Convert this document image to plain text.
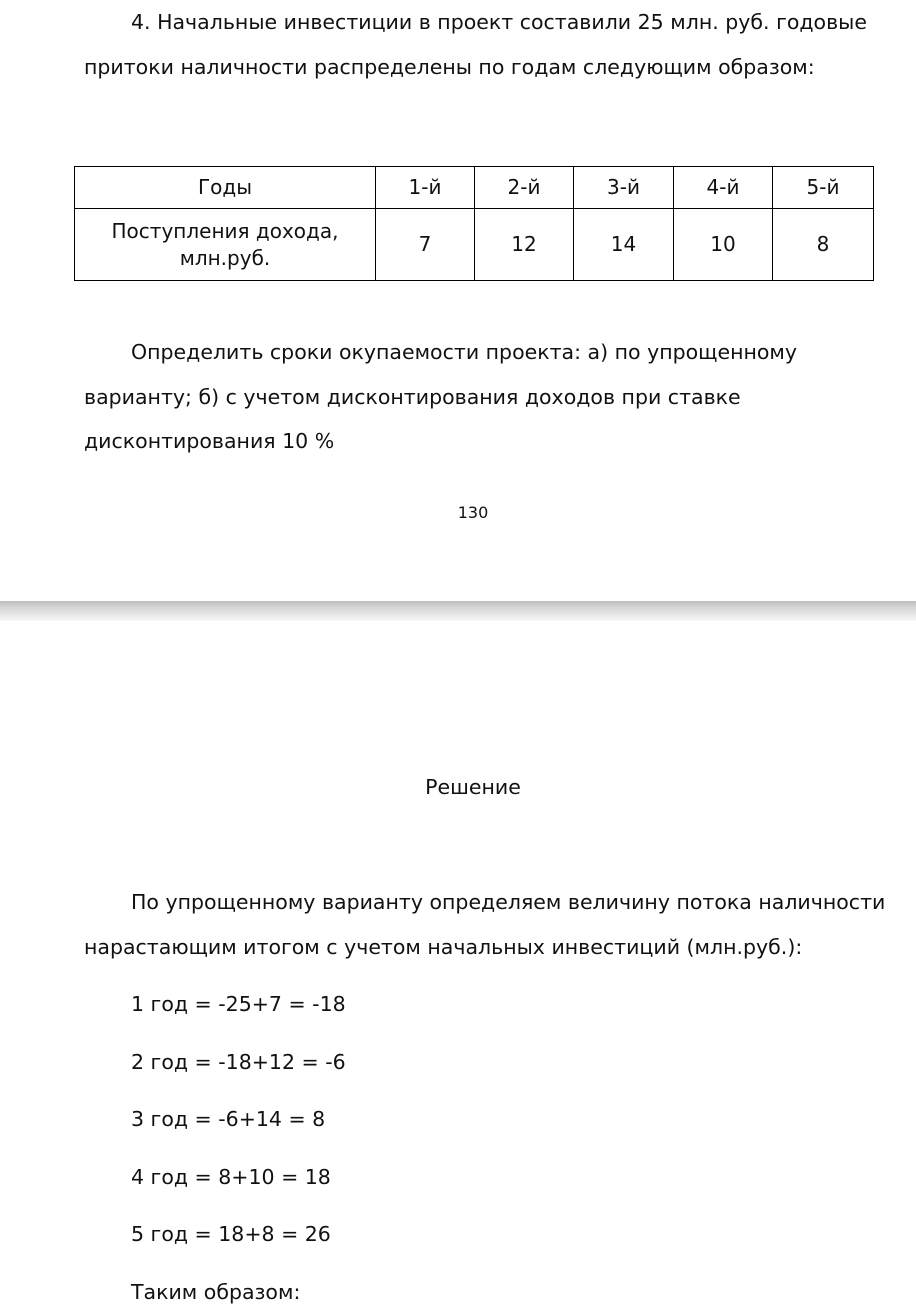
4. Начальные инвестиции в проект составили 25 млн. руб. годовые
притоки наличности распределены по годам следующим образом:
Годы	1-й	2-й	3-й	4-й	5-й

Поступления дохода,
млн.руб.	7	12	14	10	8
Определить сроки окупаемости проекта: а) по упрощенному
варианту; б) с учетом дисконтирования доходов при ставке
дисконтирования 10 %
130
Решение
По упрощенному варианту определяем величину потока наличности
нарастающим итогом с учетом начальных инвестиций (млн.руб.):
1 год = -25+7 = -18
2 год = -18+12 = -6
3 год = -6+14 = 8
4 год = 8+10 = 18
5 год = 18+8 = 26
Таким образом:
